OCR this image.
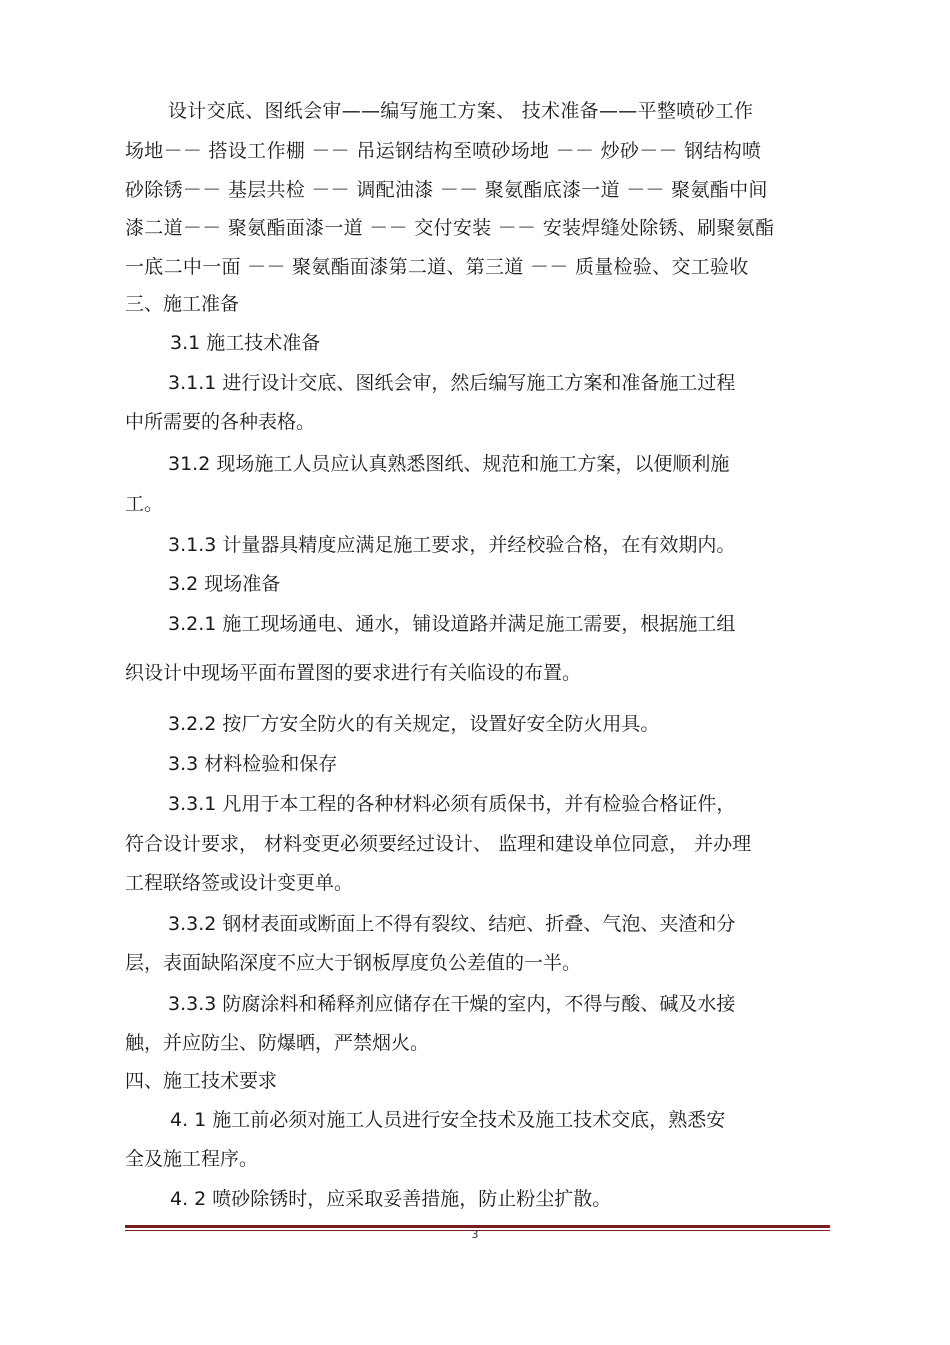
设计交底、图纸会审——编写施工方案、 技术准备——平整喷砂工作

场地－－ 搭设工作棚 －－ 吊运钢结构至喷砂场地 －－ 炒砂－－ 钢结构喷

砂除锈－－ 基层共检 －－ 调配油漆 －－ 聚氨酯底漆一道 －－ 聚氨酯中间

漆二道－－ 聚氨酯面漆一道 －－ 交付安装 －－ 安装焊缝处除锈、刷聚氨酯

一底二中一面 －－ 聚氨酯面漆第二道、第三道 －－ 质量检验、交工验收

三、施工准备

3.1 施工技术准备

3.1.1 进行设计交底、图纸会审，然后编写施工方案和准备施工过程

中所需要的各种表格。

31.2 现场施工人员应认真熟悉图纸、规范和施工方案，以便顺利施

工。

3.1.3 计量器具精度应满足施工要求，并经校验合格，在有效期内。

3.2 现场准备

3.2.1 施工现场通电、通水，铺设道路并满足施工需要，根据施工组

织设计中现场平面布置图的要求进行有关临设的布置。

3.2.2 按厂方安全防火的有关规定，设置好安全防火用具。

3.3 材料检验和保存

3.3.1 凡用于本工程的各种材料必须有质保书，并有检验合格证件，

符合设计要求， 材料变更必须要经过设计、 监理和建设单位同意， 并办理

工程联络签或设计变更单。

3.3.2 钢材表面或断面上不得有裂纹、结疤、折叠、气泡、夹渣和分

层，表面缺陷深度不应大于钢板厚度负公差值的一半。

3.3.3 防腐涂料和稀释剂应储存在干燥的室内，不得与酸、碱及水接

触，并应防尘、防爆晒，严禁烟火。

四、施工技术要求

4. 1 施工前必须对施工人员进行安全技术及施工技术交底，熟悉安

全及施工程序。

4. 2 喷砂除锈时，应采取妥善措施，防止粉尘扩散。

3
